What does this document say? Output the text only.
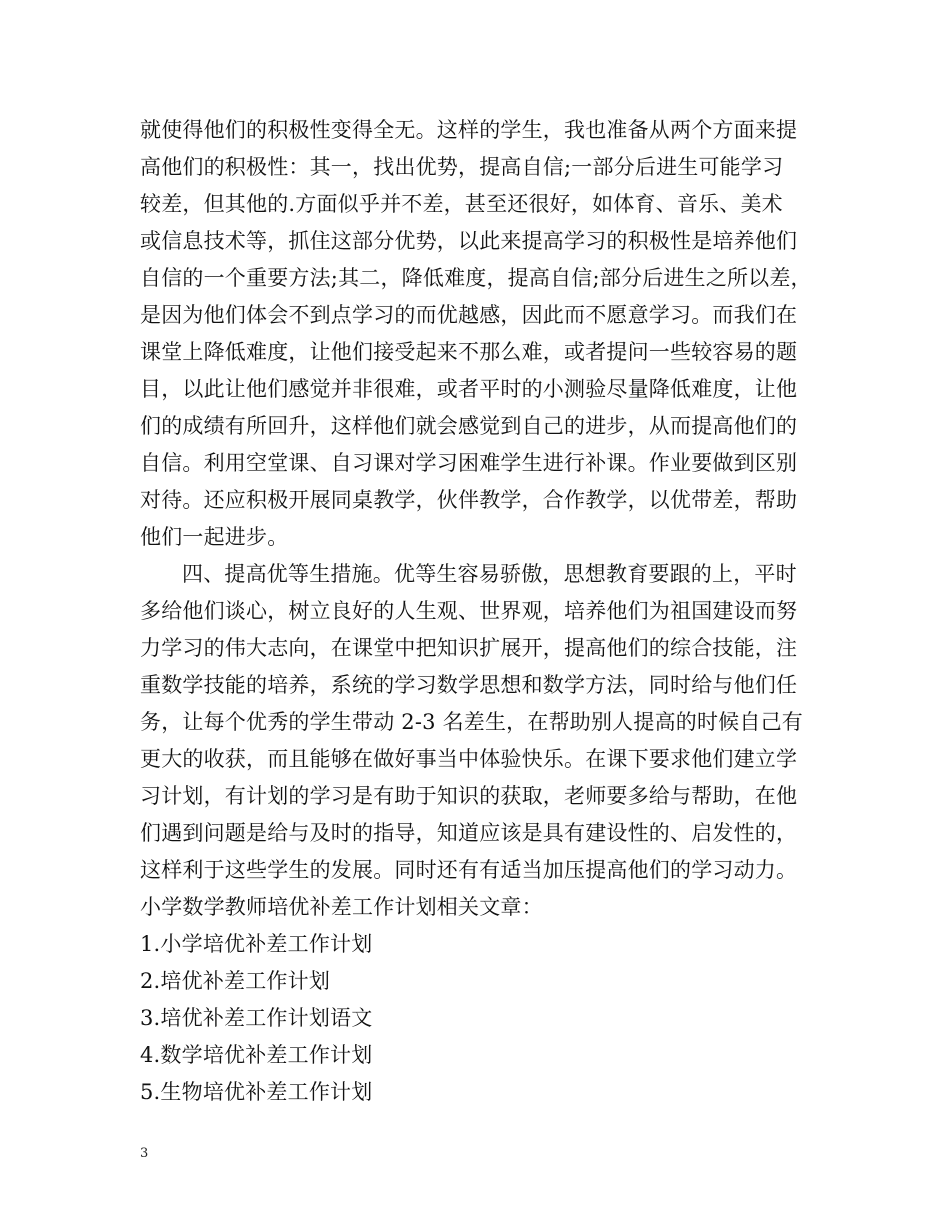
就使得他们的积极性变得全无。这样的学生，我也准备从两个方面来提
高他们的积极性：其一，找出优势，提高自信;一部分后进生可能学习
较差，但其他的.方面似乎并不差，甚至还很好，如体育、音乐、美术
或信息技术等，抓住这部分优势，以此来提高学习的积极性是培养他们
自信的一个重要方法;其二，降低难度，提高自信;部分后进生之所以差，
是因为他们体会不到点学习的而优越感，因此而不愿意学习。而我们在
课堂上降低难度，让他们接受起来不那么难，或者提问一些较容易的题
目，以此让他们感觉并非很难，或者平时的小测验尽量降低难度，让他
们的成绩有所回升，这样他们就会感觉到自己的进步，从而提高他们的
自信。利用空堂课、自习课对学习困难学生进行补课。作业要做到区别
对待。还应积极开展同桌教学，伙伴教学，合作教学，以优带差，帮助
他们一起进步。
四、提高优等生措施。优等生容易骄傲，思想教育要跟的上，平时
多给他们谈心，树立良好的人生观、世界观，培养他们为祖国建设而努
力学习的伟大志向，在课堂中把知识扩展开，提高他们的综合技能，注
重数学技能的培养，系统的学习数学思想和数学方法，同时给与他们任
务，让每个优秀的学生带动 2-3 名差生，在帮助别人提高的时候自己有
更大的收获，而且能够在做好事当中体验快乐。在课下要求他们建立学
习计划，有计划的学习是有助于知识的获取，老师要多给与帮助，在他
们遇到问题是给与及时的指导，知道应该是具有建设性的、启发性的，
这样利于这些学生的发展。同时还有有适当加压提高他们的学习动力。
小学数学教师培优补差工作计划相关文章：
1.小学培优补差工作计划
2.培优补差工作计划
3.培优补差工作计划语文
4.数学培优补差工作计划
5.生物培优补差工作计划
3
